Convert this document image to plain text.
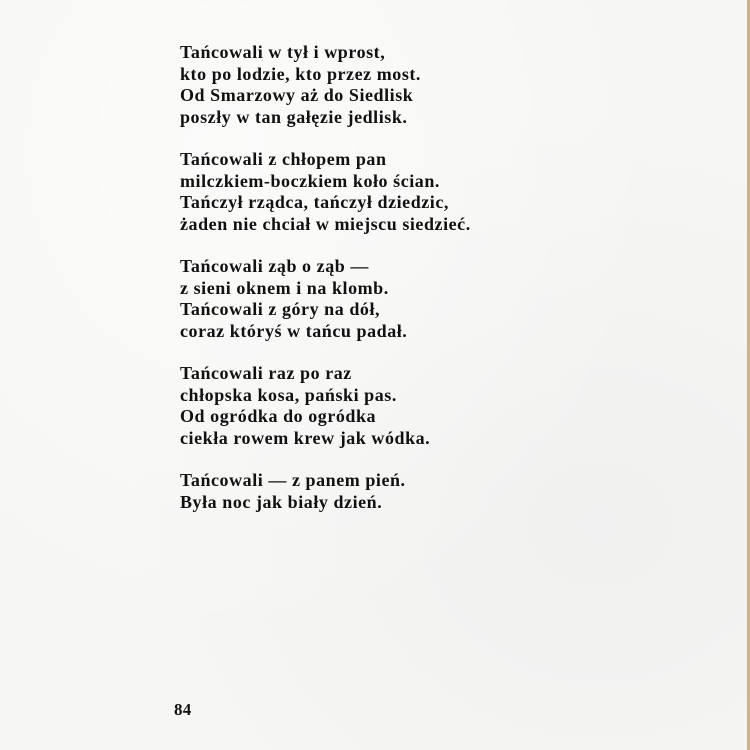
Tańcowali w tył i wprost,
kto po lodzie, kto przez most.
Od Smarzowy aż do Siedlisk
poszły w tan gałęzie jedlisk.

Tańcowali z chłopem pan
milczkiem-boczkiem koło ścian.
Tańczył rządca, tańczył dziedzic,
żaden nie chciał w miejscu siedzieć.

Tańcowali ząb o ząb —
z sieni oknem i na klomb.
Tańcowali z góry na dół,
coraz któryś w tańcu padał.

Tańcowali raz po raz
chłopska kosa, pański pas.
Od ogródka do ogródka
ciekła rowem krew jak wódka.

Tańcowali — z panem pień.
Była noc jak biały dzień.

84
